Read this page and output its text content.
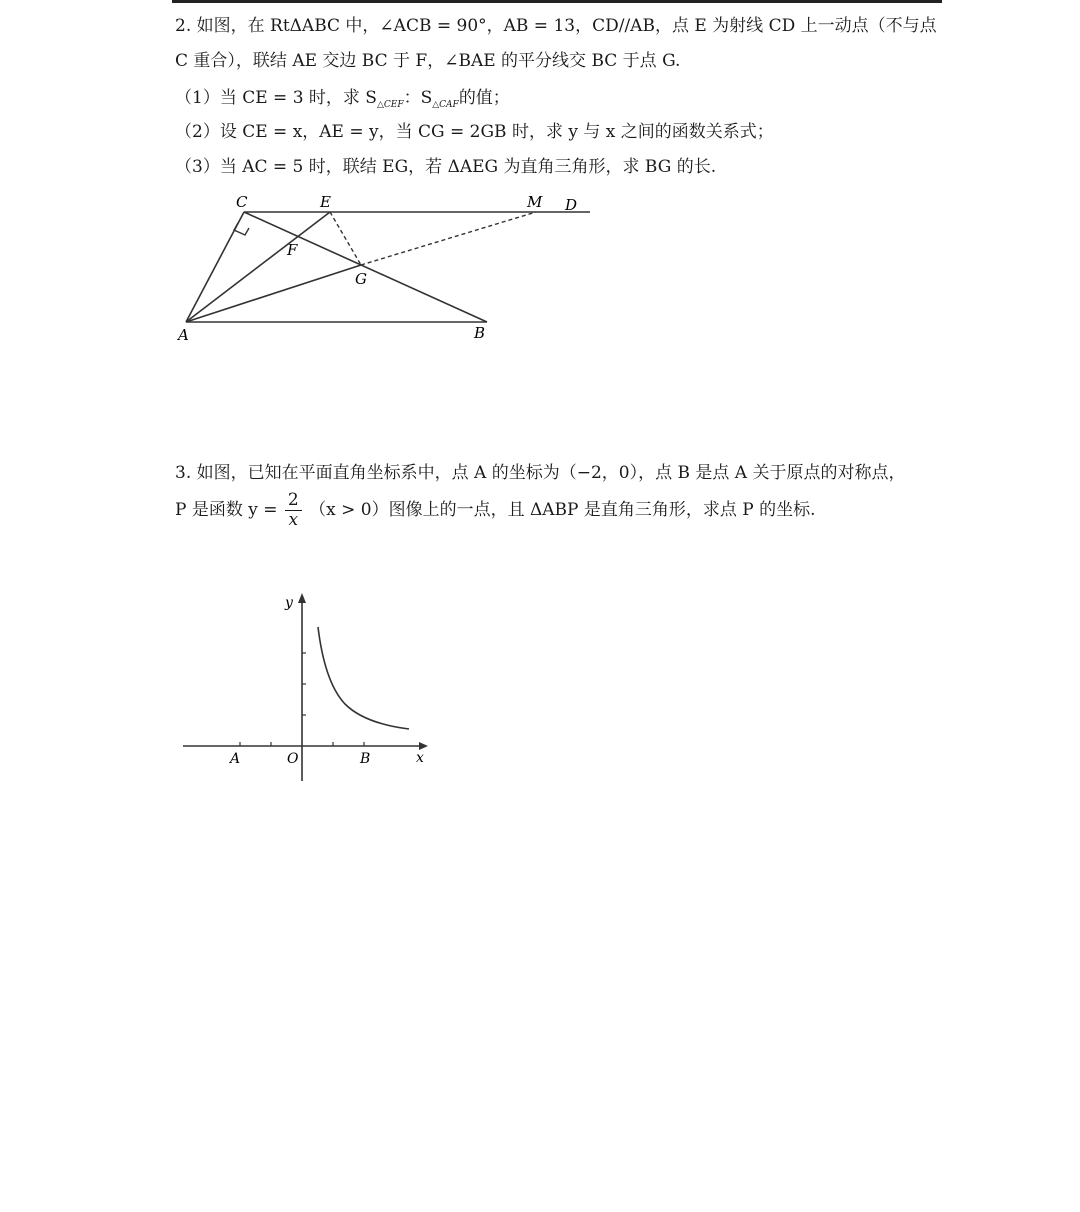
2. 如图，在 RtΔABC 中，∠ACB = 90°，AB = 13，CD//AB，点 E 为射线 CD 上一动点（不与点
C 重合），联结 AE 交边 BC 于 F，∠BAE 的平分线交 BC 于点 G.
（1）当 CE = 3 时，求 $S_{\triangle CEF}$：$S_{\triangle CAF}$的值；
（2）设 CE = x，AE = y，当 CG = 2GB 时，求 y 与 x 之间的函数关系式；
（3）当 AC = 5 时，联结 EG，若 ΔAEG 为直角三角形，求 BG 的长.
C	E	M D
F
G
A	B
3. 如图，已知在平面直角坐标系中，点 A 的坐标为（−2，0），点 B 是点 A 关于原点的对称点，
P 是函数 $y = \frac{2}{x} (x > 0)$图像上的一点，且 ΔABP 是直角三角形，求点 P 的坐标.
y
x
O
A	B
